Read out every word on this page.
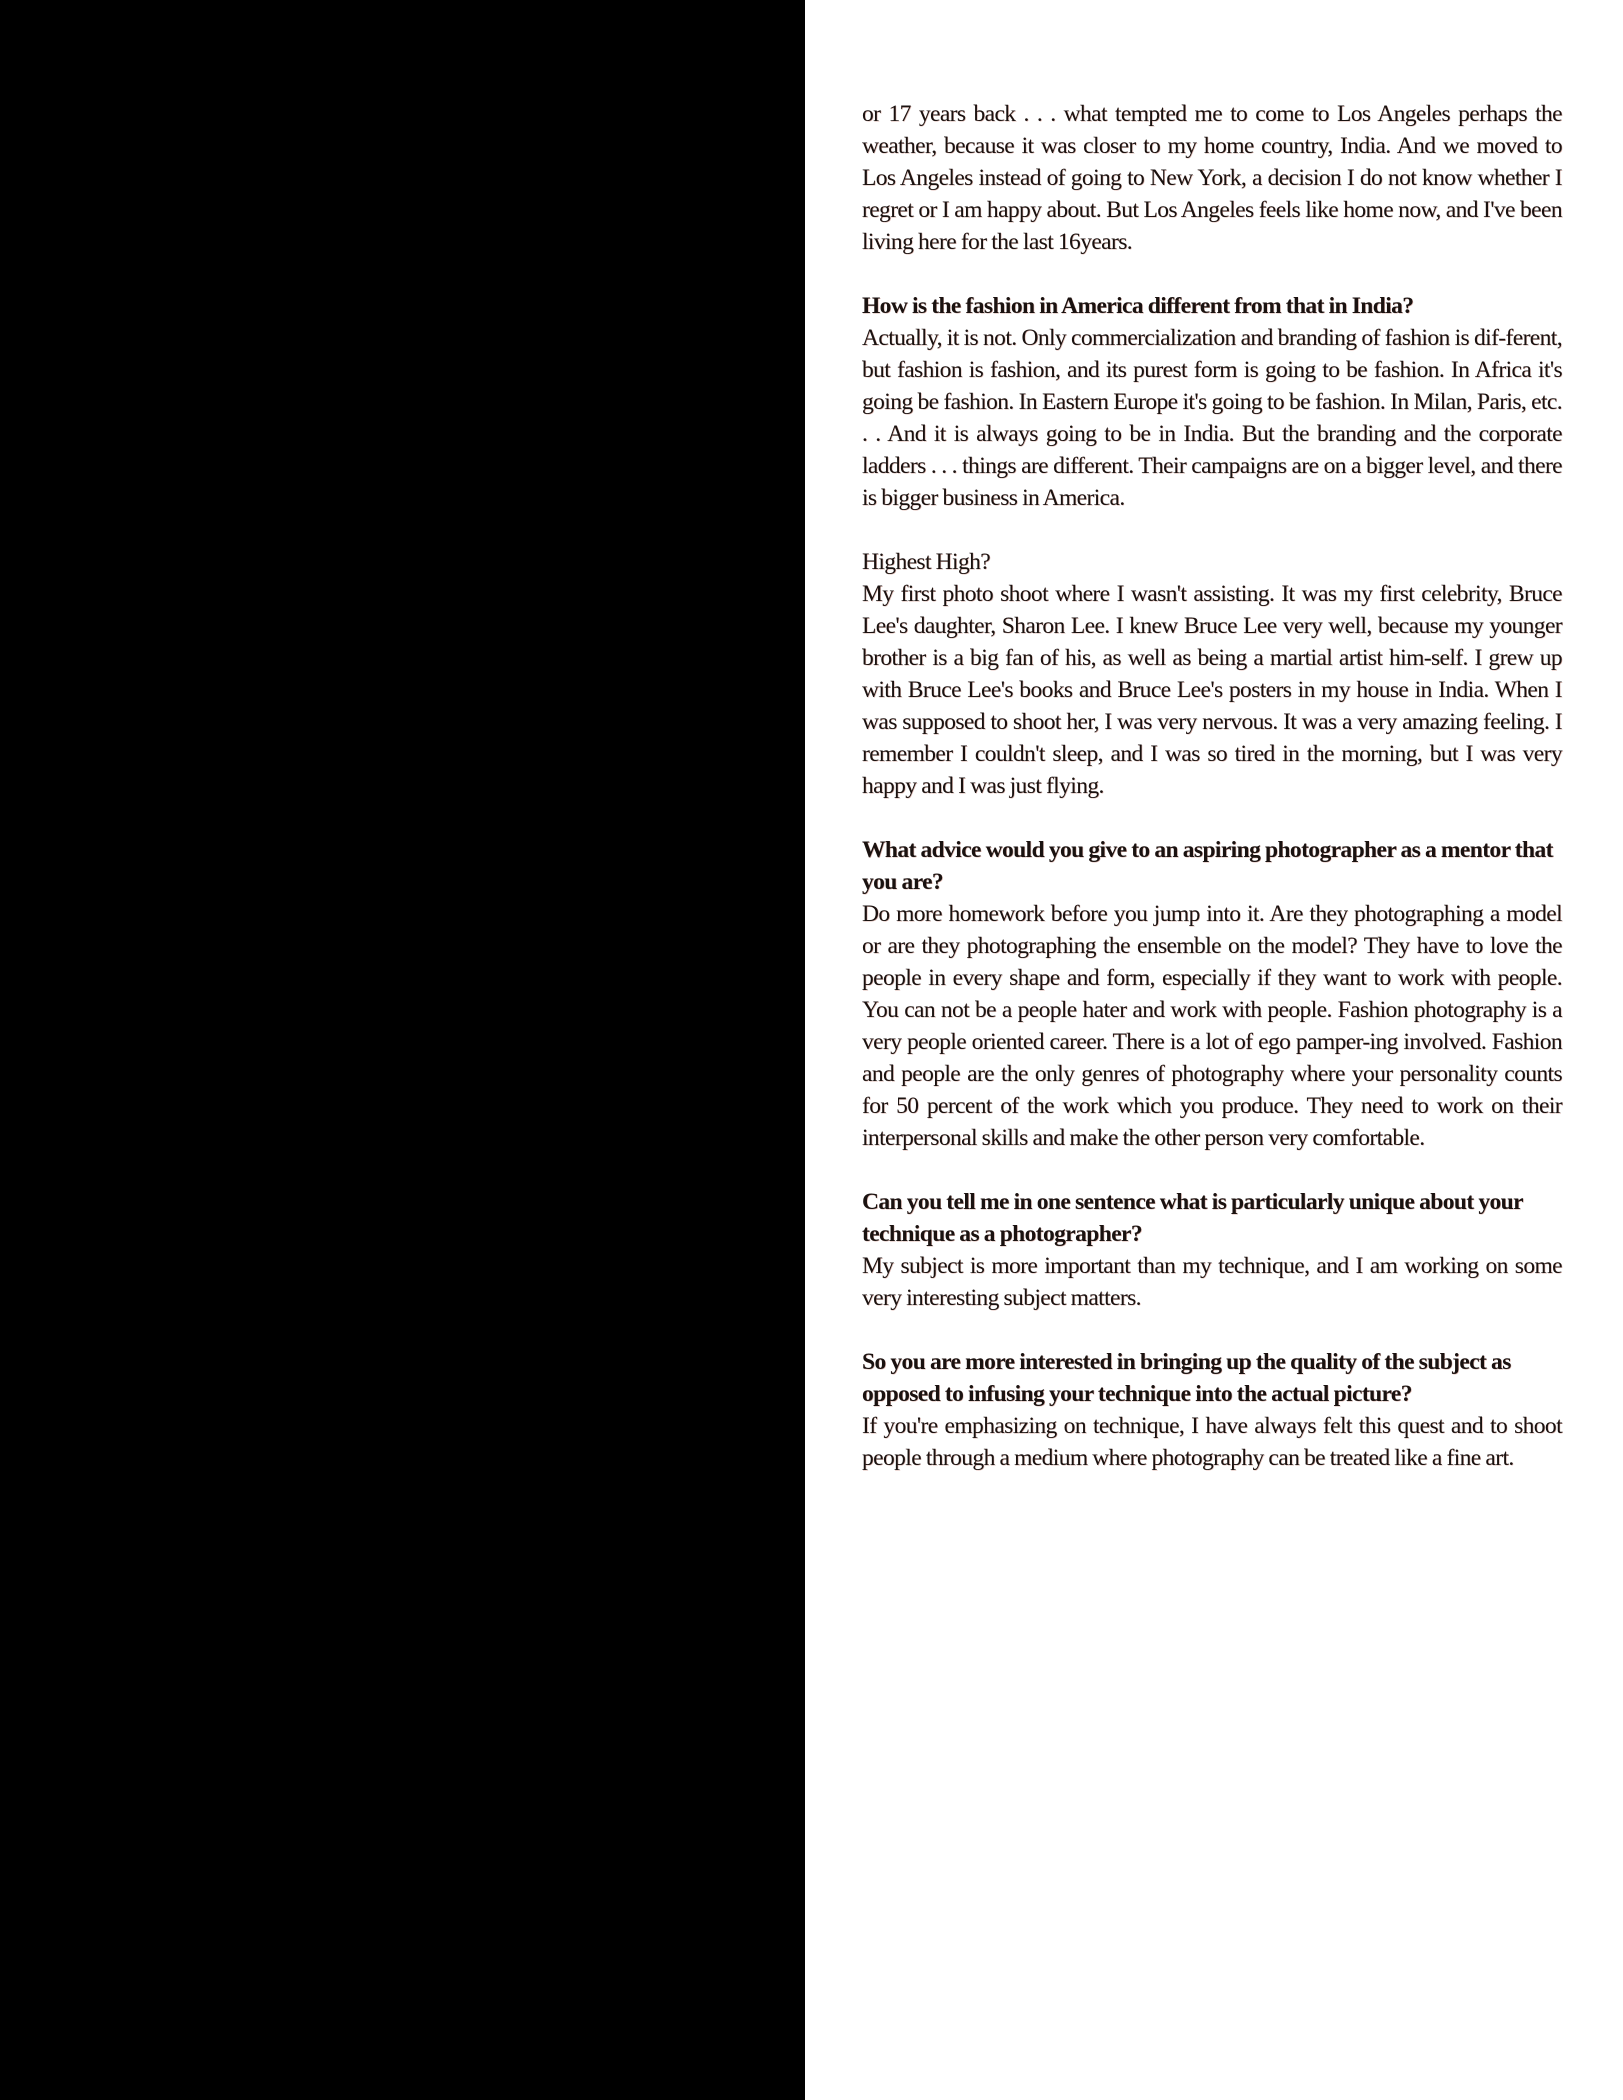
or 17 years back . . . what tempted me to come to Los Angeles perhaps the weather, because it was closer to my home country, India. And we moved to Los Angeles instead of going to New York, a decision I do not know whether I regret or I am happy about. But Los Angeles feels like home now, and I've been living here for the last 16years.
How is the fashion in America different from that in India?
Actually, it is not. Only commercialization and branding of fashion is dif-ferent, but fashion is fashion, and its purest form is going to be fashion. In Africa it's going be fashion. In Eastern Europe it's going to be fashion. In Milan, Paris, etc. . . And it is always going to be in India. But the branding and the corporate ladders . . . things are different. Their campaigns are on a bigger level, and there is bigger business in America.
Highest High?
My first photo shoot where I wasn't assisting. It was my first celebrity, Bruce Lee's daughter, Sharon Lee. I knew Bruce Lee very well, because my younger brother is a big fan of his, as well as being a martial artist him-self. I grew up with Bruce Lee's books and Bruce Lee's posters in my house in India. When I was supposed to shoot her, I was very nervous. It was a very amazing feeling. I remember I couldn't sleep, and I was so tired in the morning, but I was very happy and I was just flying.
What advice would you give to an aspiring photographer as a mentor that you are?
Do more homework before you jump into it. Are they photographing a model or are they photographing the ensemble on the model? They have to love the people in every shape and form, especially if they want to work with people. You can not be a people hater and work with people. Fashion photography is a very people oriented career. There is a lot of ego pamper-ing involved. Fashion and people are the only genres of photography where your personality counts for 50 percent of the work which you produce. They need to work on their interpersonal skills and make the other person very comfortable.
Can you tell me in one sentence what is particularly unique about your technique as a photographer?
My subject is more important than my technique, and I am working on some very interesting subject matters.
So you are more interested in bringing up the quality of the subject as opposed to infusing your technique into the actual picture?
If you're emphasizing on technique, I have always felt this quest and to shoot people through a medium where photography can be treated like a fine art.
